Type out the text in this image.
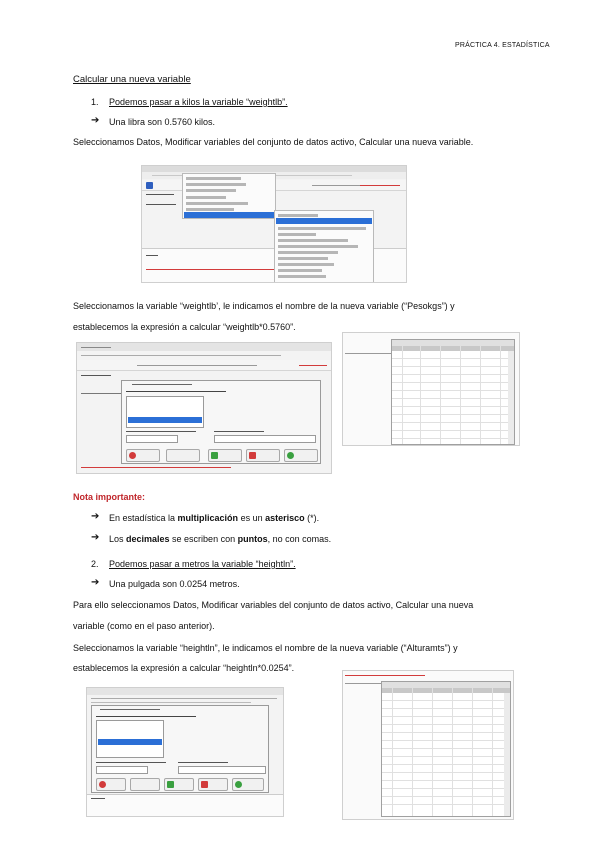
PRÁCTICA 4. ESTADÍSTICA
Calcular una nueva variable
1. Podemos pasar a kilos la variable “weightlb”.
➔ Una libra son 0.5760 kilos.
Seleccionamos Datos, Modificar variables del conjunto de datos activo, Calcular una nueva variable.
Seleccionamos la variable “weightlb’, le indicamos el nombre de la nueva variable (“Pesokgs”) y
establecemos la expresión a calcular “weightlb*0.5760”.
Nota importante:
➔ En estadística la multiplicación es un asterisco (*).
➔ Los decimales se escriben con puntos, no con comas.
2. Podemos pasar a metros la variable “heightln”.
➔ Una pulgada son 0.0254 metros.
Para ello seleccionamos Datos, Modificar variables del conjunto de datos activo, Calcular una nueva
variable (como en el paso anterior).
Seleccionamos la variable “heightln”, le indicamos el nombre de la nueva variable (“Alturamts”) y
establecemos la expresión a calcular “heightln*0.0254”.
